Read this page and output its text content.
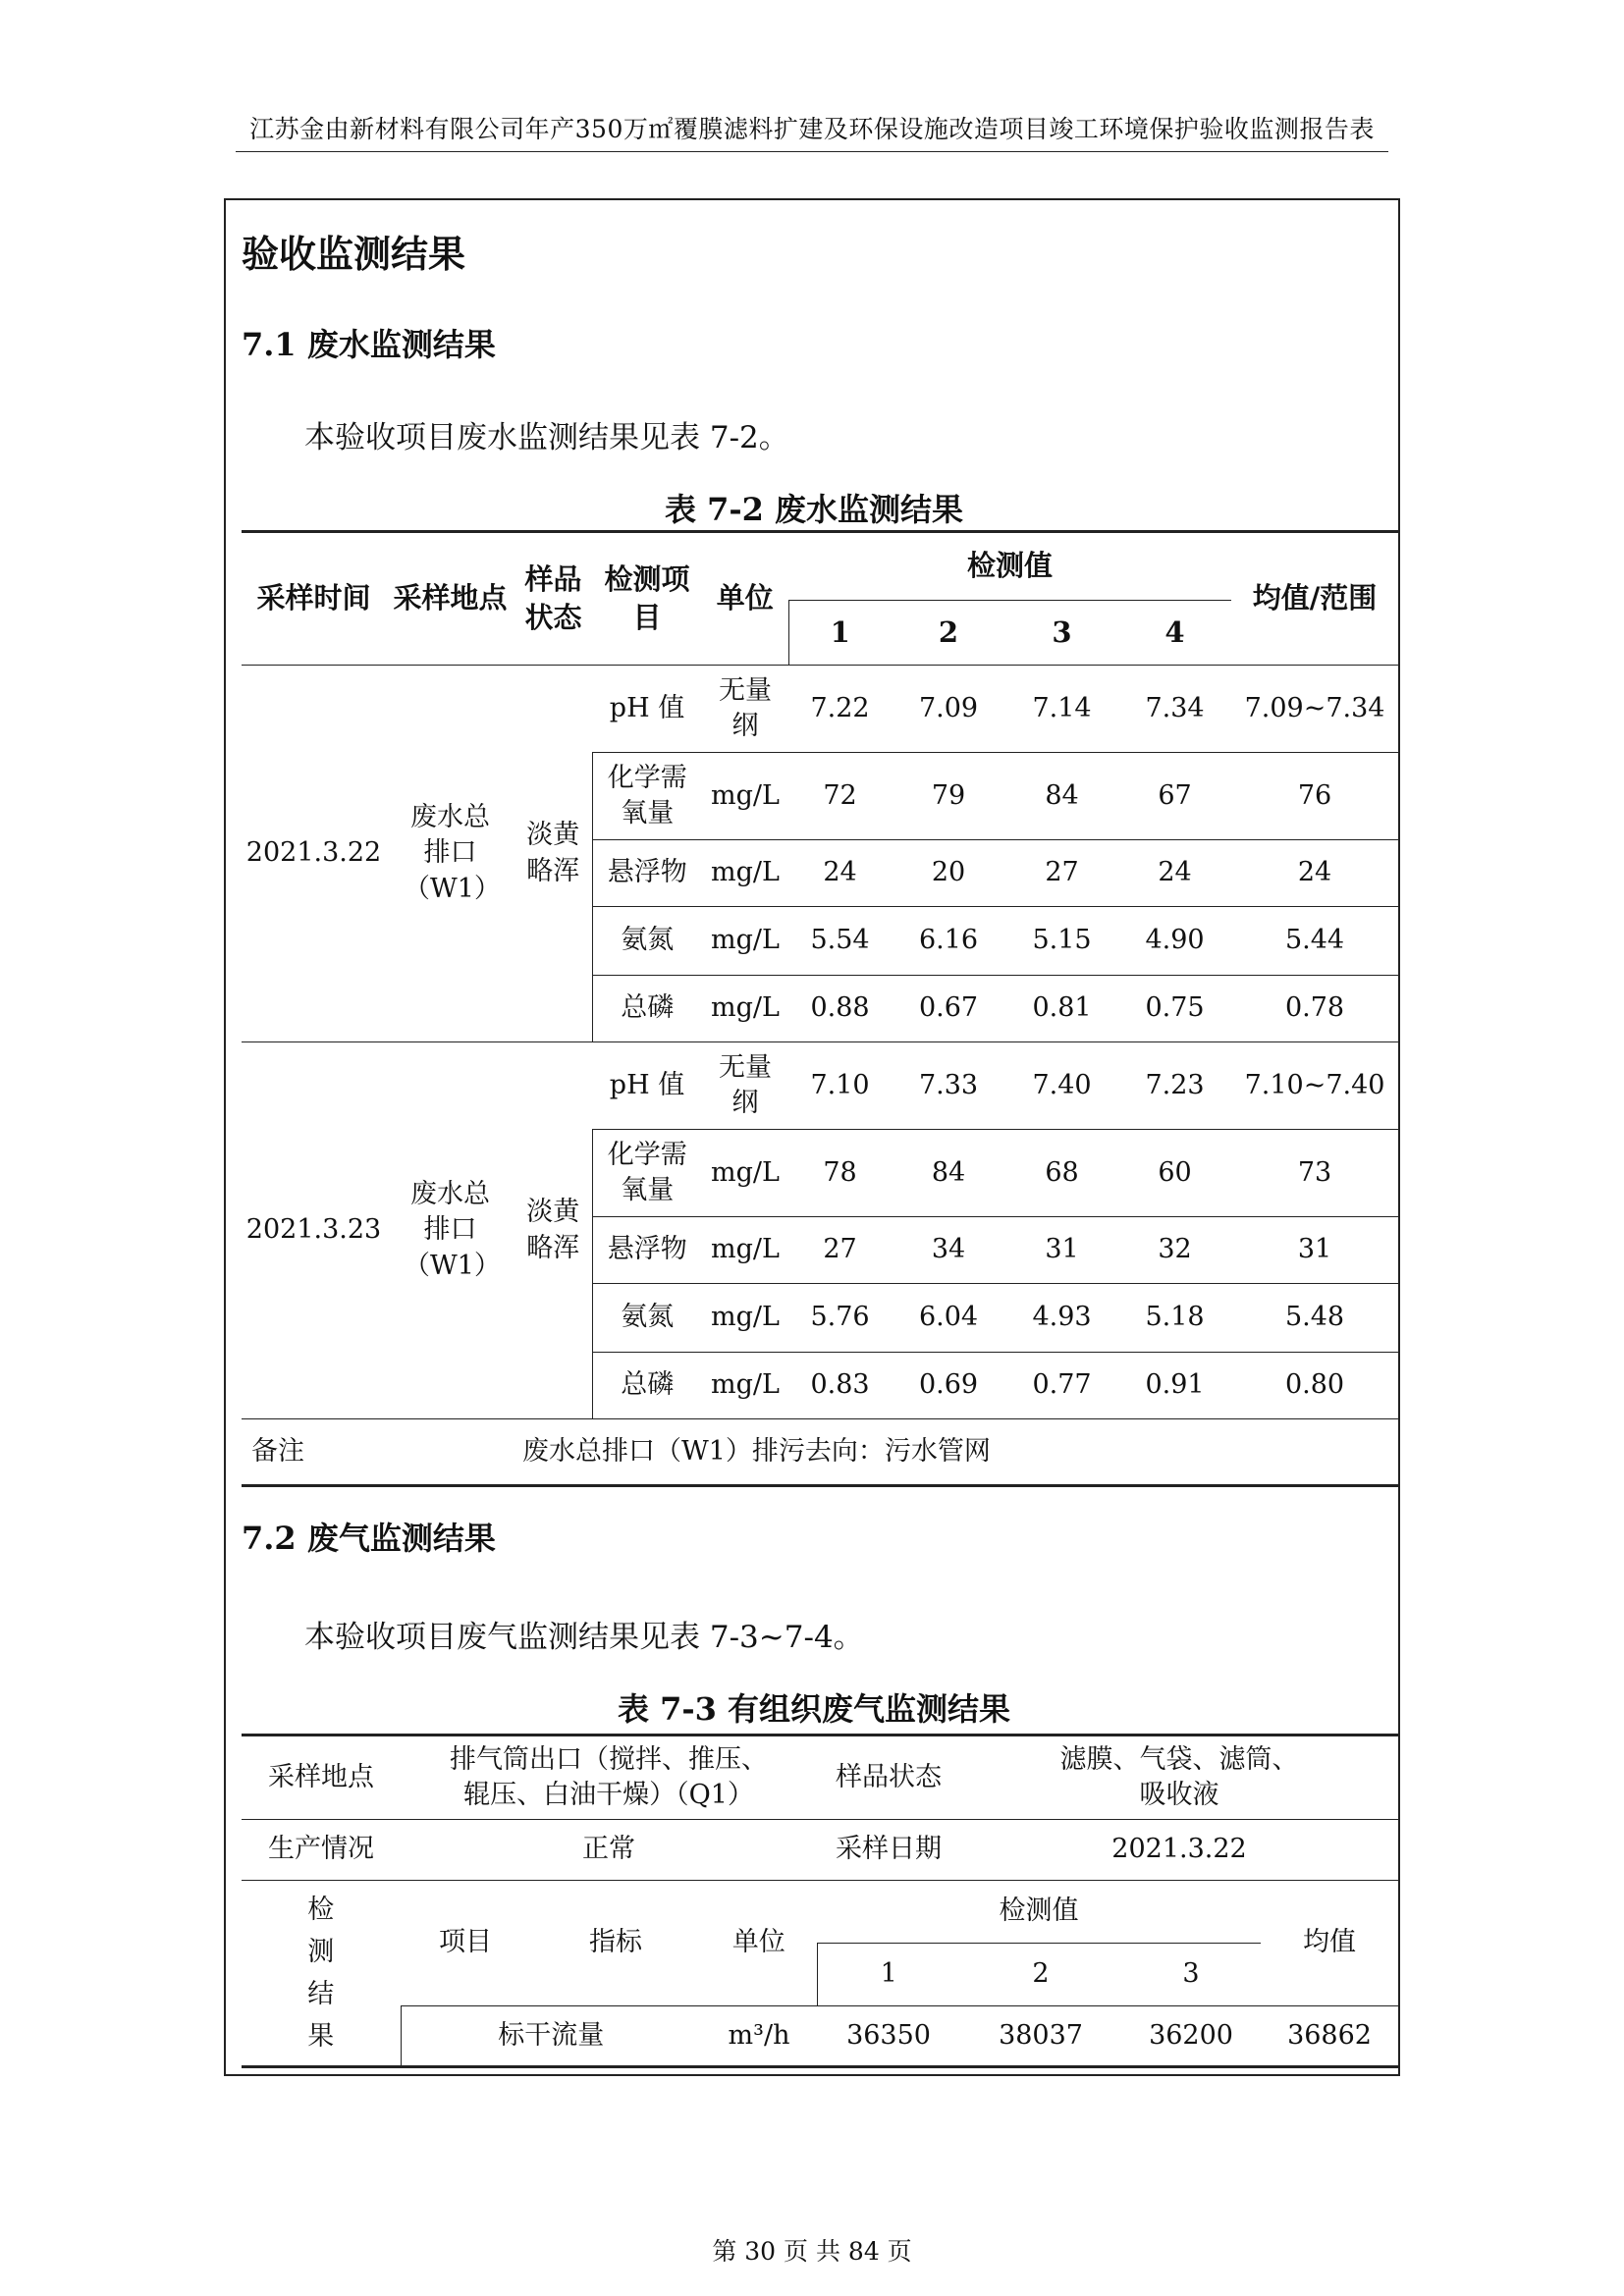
江苏金由新材料有限公司年产350万㎡覆膜滤料扩建及环保设施改造项目竣工环境保护验收监测报告表
验收监测结果
7.1 废水监测结果

本验收项目废水监测结果见表 7-2。

表 7-2 废水监测结果

采样时间	采样地点	样品状态	检测项目	单位	检测值				均值/范围
					1	2	3	4	
2021.3.22	废水总排口（W1）	淡黄略浑	pH 值	无量纲	7.22	7.09	7.14	7.34	7.09~7.34
			化学需氧量	mg/L	72	79	84	67	76
			悬浮物	mg/L	24	20	27	24	24
			氨氮	mg/L	5.54	6.16	5.15	4.90	5.44
			总磷	mg/L	0.88	0.67	0.81	0.75	0.78
2021.3.23	废水总排口（W1）	淡黄略浑	pH 值	无量纲	7.10	7.33	7.40	7.23	7.10~7.40
			化学需氧量	mg/L	78	84	68	60	73
			悬浮物	mg/L	27	34	31	32	31
			氨氮	mg/L	5.76	6.04	4.93	5.18	5.48
			总磷	mg/L	0.83	0.69	0.77	0.91	0.80
备注		废水总排口（W1）排污去向：污水管网							
7.2 废气监测结果

本验收项目废气监测结果见表 7-3~7-4。

表 7-3 有组织废气监测结果

采样地点	排气筒出口（搅拌、推压、辊压、白油干燥）（Q1）			样品状态	滤膜、气袋、滤筒、吸收液		
生产情况	正常			采样日期	2021.3.22		
检测结果	项目	指标	单位	检测值			均值
				1	2	3	
	标干流量		m³/h	36350	38037	36200	36862
第 30 页 共 84 页
